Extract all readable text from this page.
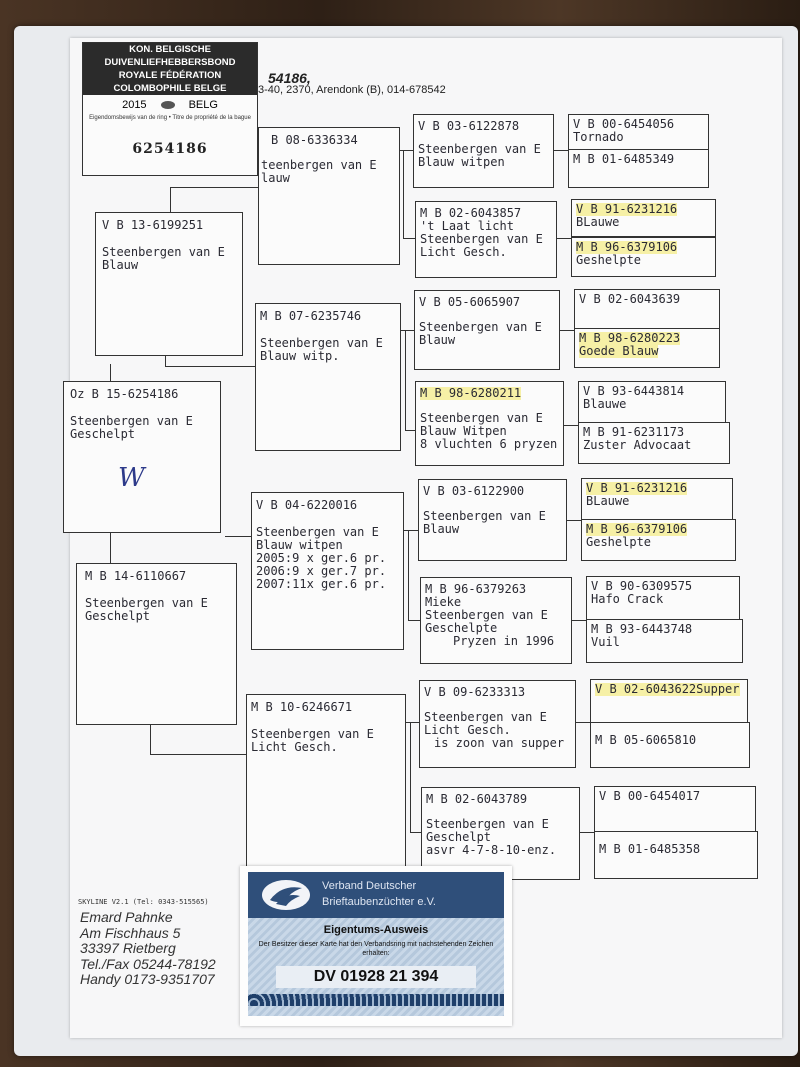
KON. BELGISCHE DUIVENLIEFHEBBERSBOND
ROYALE FÉDÉRATION COLOMBOPHILE BELGE
2015	BELG
Eigendomsbewijs van de ring • Titre de propriété de la bague
6254186
54186,
3-40, 2370, Arendonk (B), 014-678542
Oz B 15-6254186
Steenbergen van E
Geschelpt
W
V B 13-6199251
Steenbergen van E
Blauw
M B 14-6110667
Steenbergen van E
Geschelpt
B 08-6336334
teenbergen van E
lauw
M B 07-6235746
Steenbergen van E
Blauw witp.
V B 04-6220016
Steenbergen van E
Blauw witpen
2005:9 x ger.6 pr.
2006:9 x ger.7 pr.
2007:11x ger.6 pr.
M B 10-6246671
Steenbergen van E
Licht Gesch.
V B 03-6122878
Steenbergen van E
Blauw witpen
M B 02-6043857
't Laat licht
Steenbergen van E
Licht Gesch.
V B 05-6065907
Steenbergen van E
Blauw
M B 98-6280211
Steenbergen van E
Blauw Witpen
8 vluchten 6 pryzen
V B 03-6122900
Steenbergen van E
Blauw
M B 96-6379263
Mieke
Steenbergen van E
Geschelpte
Pryzen in 1996
V B 09-6233313
Steenbergen van E
Licht Gesch.
is zoon van supper
M B 02-6043789
Steenbergen van E
Geschelpt
asvr 4-7-8-10-enz.
V B 00-6454056
Tornado
M B 01-6485349
V B 91-6231216
BLauwe
M B 96-6379106
Geshelpte
V B 02-6043639
M B 98-6280223Goede Blauw
V B 93-6443814
Blauwe
M B 91-6231173
Zuster Advocaat
V B 91-6231216
BLauwe
M B 96-6379106
Geshelpte
V B 90-6309575
Hafo Crack
M B 93-6443748
Vuil
V B 02-6043622Supper
M B 05-6065810
V B 00-6454017
M B 01-6485358
SKYLINE V2.1 (Tel: 0343-515565)
Emard Pahnke
Am Fischhaus 5
33397 Rietberg
Tel./Fax 05244-78192
Handy 0173-9351707
Verband Deutscher
Brieftaubenzüchter e.V.
Eigentums-Ausweis
Der Besitzer dieser Karte hat den Verbandsring mit nachstehenden Zeichen erhalten:
DV 01928 21 394
